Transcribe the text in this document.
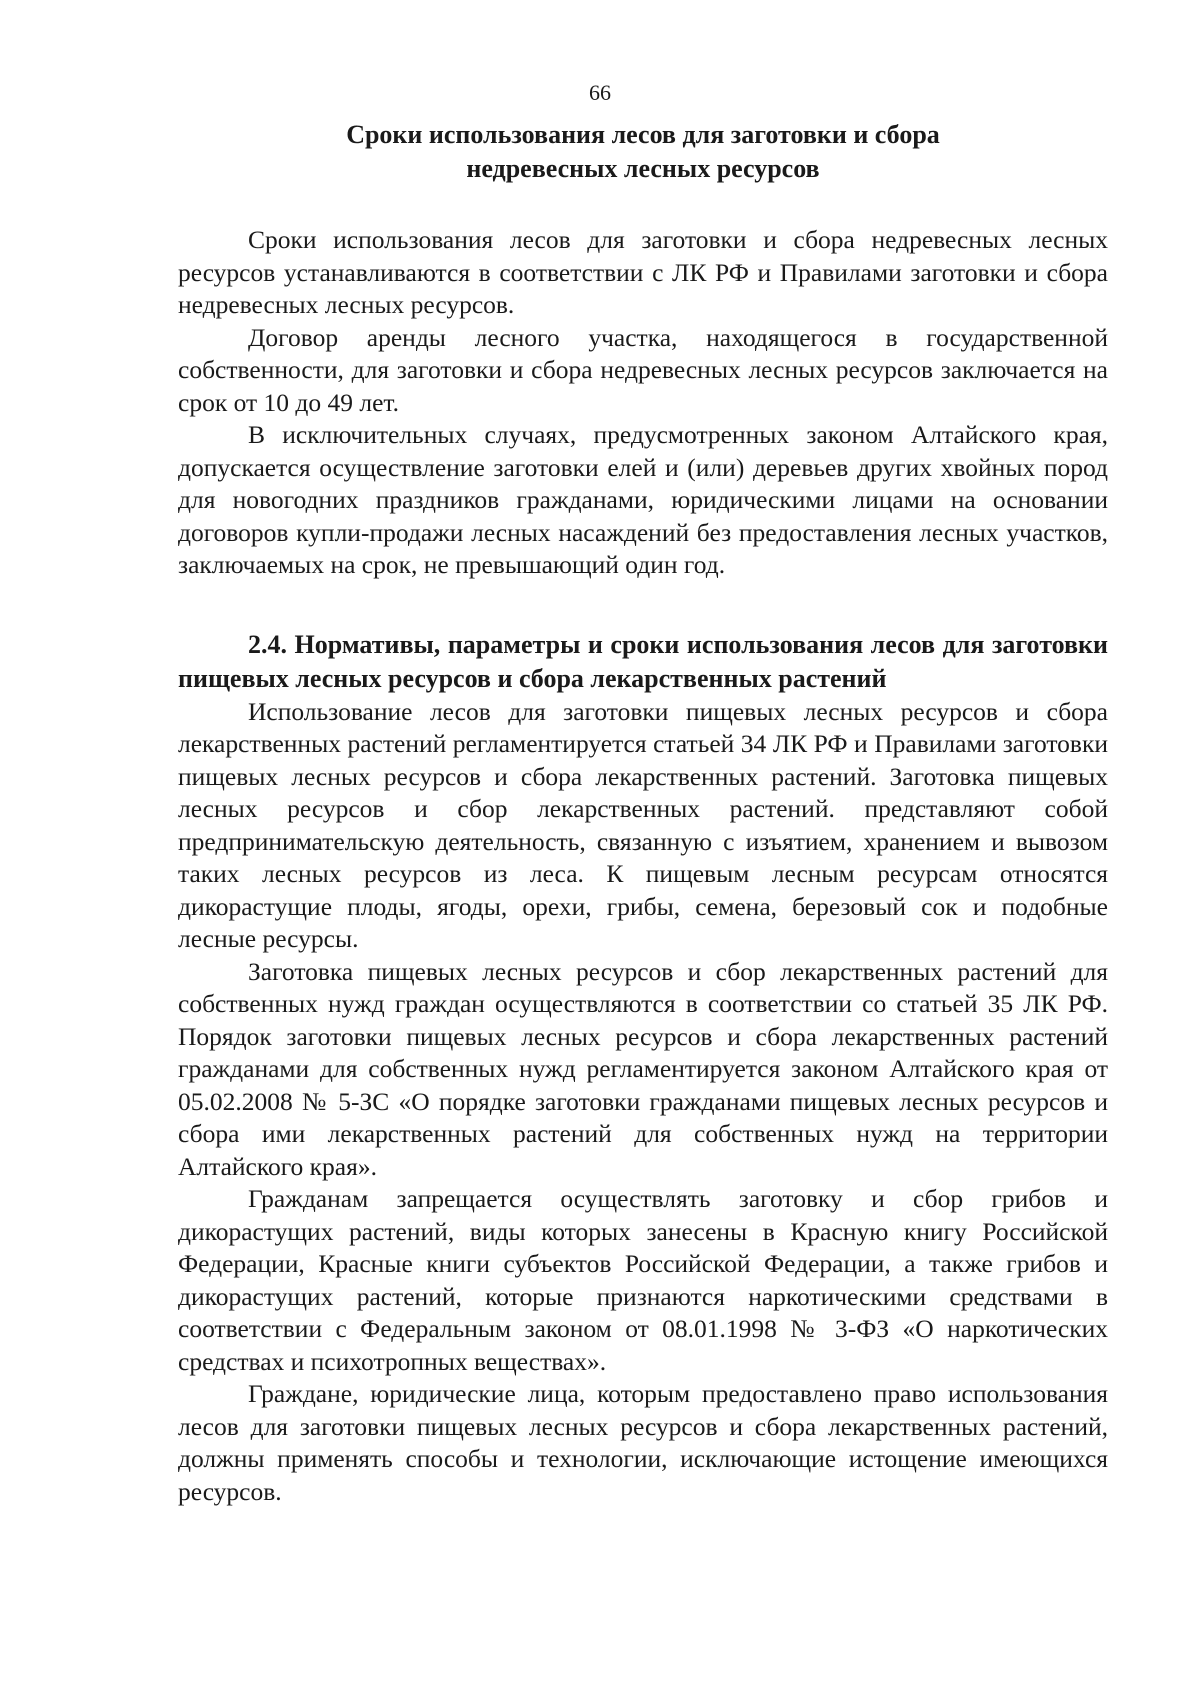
66
Сроки использования лесов для заготовки и сбора
недревесных лесных ресурсов

Сроки использования лесов для заготовки и сбора недревесных лесных ресурсов устанавливаются в соответствии с ЛК РФ и Правилами заготовки и сбора недревесных лесных ресурсов.

Договор аренды лесного участка, находящегося в государственной собственности, для заготовки и сбора недревесных лесных ресурсов заключается на срок от 10 до 49 лет.

В исключительных случаях, предусмотренных законом Алтайского края, допускается осуществление заготовки елей и (или) деревьев других хвойных пород для новогодних праздников гражданами, юридическими лицами на основании договоров купли-продажи лесных насаждений без предоставления лесных участков, заключаемых на срок, не превышающий один год.

2.4. Нормативы, параметры и сроки использования лесов для заготовки пищевых лесных ресурсов и сбора лекарственных растений

Использование лесов для заготовки пищевых лесных ресурсов и сбора лекарственных растений регламентируется статьей 34 ЛК РФ и Правилами заготовки пищевых лесных ресурсов и сбора лекарственных растений. Заготовка пищевых лесных ресурсов и сбор лекарственных растений. представляют собой предпринимательскую деятельность, связанную с изъятием, хранением и вывозом таких лесных ресурсов из леса. К пищевым лесным ресурсам относятся дикорастущие плоды, ягоды, орехи, грибы, семена, березовый сок и подобные лесные ресурсы.

Заготовка пищевых лесных ресурсов и сбор лекарственных растений для собственных нужд граждан осуществляются в соответствии со статьей 35 ЛК РФ. Порядок заготовки пищевых лесных ресурсов и сбора лекарственных растений гражданами для собственных нужд регламентируется законом Алтайского края от 05.02.2008 № 5-ЗС «О порядке заготовки гражданами пищевых лесных ресурсов и сбора ими лекарственных растений для собственных нужд на территории Алтайского края».

Гражданам запрещается осуществлять заготовку и сбор грибов и дикорастущих растений, виды которых занесены в Красную книгу Российской Федерации, Красные книги субъектов Российской Федерации, а также грибов и дикорастущих растений, которые признаются наркотическими средствами в соответствии с Федеральным законом от 08.01.1998 № 3-ФЗ «О наркотических средствах и психотропных веществах».

Граждане, юридические лица, которым предоставлено право использования лесов для заготовки пищевых лесных ресурсов и сбора лекарственных растений, должны применять способы и технологии, исключающие истощение имеющихся ресурсов.
